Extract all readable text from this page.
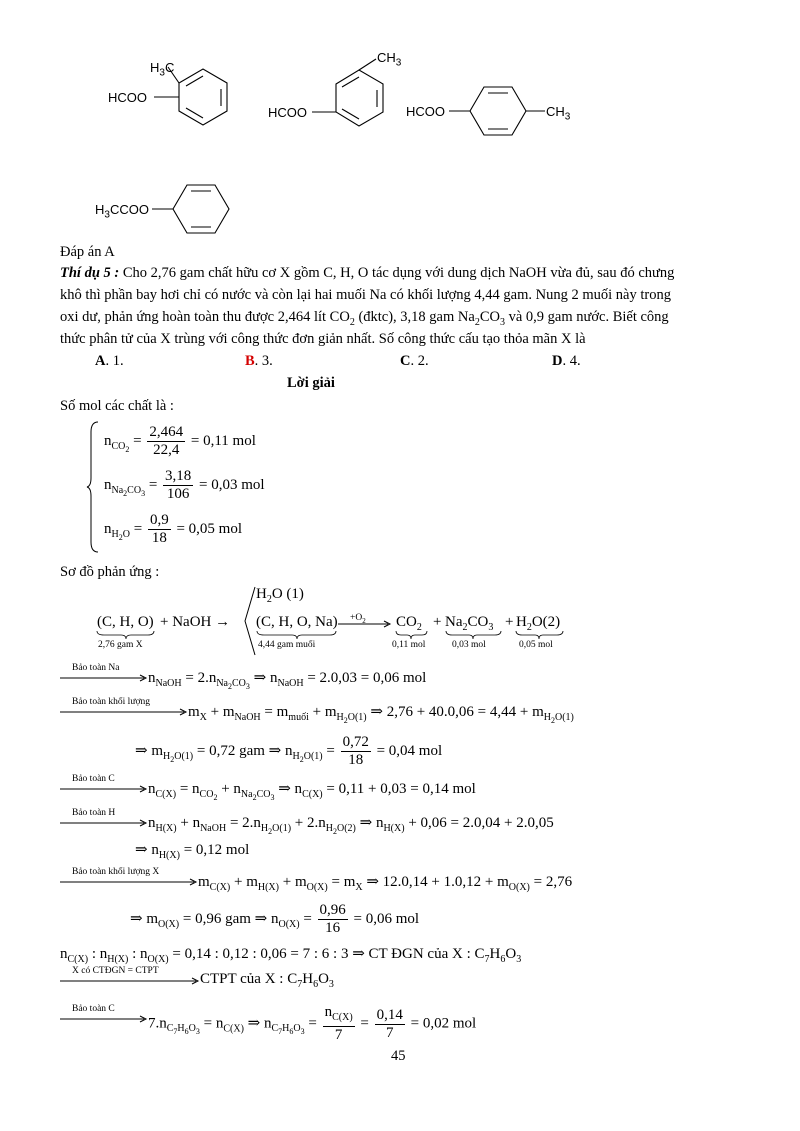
$H_3C$
HCOO
$CH_3$
HCOO	HCOO	$CH_3$
$H_3CCOO$
Đáp án A
Thí dụ 5 : Cho 2,76 gam chất hữu cơ X gồm C, H, O tác dụng với dung dịch NaOH vừa đủ, sau đó chưng
khô thì phần bay hơi chỉ có nước và còn lại hai muối Na có khối lượng 4,44 gam. Nung 2 muối này trong
oxi dư, phản ứng hoàn toàn thu được 2,464 lít $CO_2$ (đktc), 3,18 gam $Na_2CO_3$ và 0,9 gam nước. Biết công
thức phân tử của X trùng với công thức đơn giản nhất. Số công thức cấu tạo thỏa mãn X là
A. 1.	B. 3.	C. 2.	D. 4.
Lời giải
Số mol các chất là :
$n_{CO_2} = \frac{2,464}{22,4} = 0,11$ mol
$n_{Na_2CO_3} = \frac{3,18}{106} = 0,03$ mol
$n_{H_2O} = \frac{0,9}{18} = 0,05$ mol
Sơ đồ phản ứng :
(C, H, O)
2,76 gam X
+ NaOH →
$H_2O$ (1)
(C, H, O, Na)
4,44 gam muối
$+O_2$ $CO_2$
0,11 mol
+ $Na_2CO_3$
0,03 mol
+ $H_2O(2)$
0,05 mol
Bảo toàn Na
$n_{NaOH} = 2.n_{Na_2CO_3}$ ⇒ $n_{NaOH} = 2.0,03 = 0,06$ mol
Bảo toàn khối lượng
$m_X + m_{NaOH} = m_{muối} + m_{H_2O(1)}$ ⇒ $2,76 + 40.0,06 = 4,44 + m_{H_2O(1)}$
⇒ $m_{H_2O(1)} = 0,72$ gam ⇒ $n_{H_2O(1)} = \frac{0,72}{18} = 0,04$ mol
Bảo toàn C
$n_{C(X)} = n_{CO_2} + n_{Na_2CO_3}$ ⇒ $n_{C(X)} = 0,11 + 0,03 = 0,14$ mol
Bảo toàn H
$n_{H(X)} + n_{NaOH} = 2.n_{H_2O(1)} + 2.n_{H_2O(2)}$ ⇒ $n_{H(X)} + 0,06 = 2.0,04 + 2.0,05$
⇒ $n_{H(X)} = 0,12$ mol
Bảo toàn khối lượng X
$m_{C(X)} + m_{H(X)} + m_{O(X)} = m_X$ ⇒ $12.0,14 + 1.0,12 + m_{O(X)} = 2,76$
⇒ $m_{O(X)} = 0,96$ gam ⇒ $n_{O(X)} = \frac{0,96}{16} = 0,06$ mol
$n_{C(X)}$ : $n_{H(X)}$ : $n_{O(X)} = 0,14$ : 0,12 : 0,06 = 7 : 6 : 3 ⇒ CT ĐGN của X : $C_7H_6O_3$
X có CTĐGN = CTPT	CTPT của X : $C_7H_6O_3$
Bảo toàn C
$7.n_{C_7H_6O_3} = n_{C(X)}$ ⇒ $n_{C_7H_6O_3} = \frac{n_{C(X)}}{7} = \frac{0,14}{7} = 0,02$ mol
45
